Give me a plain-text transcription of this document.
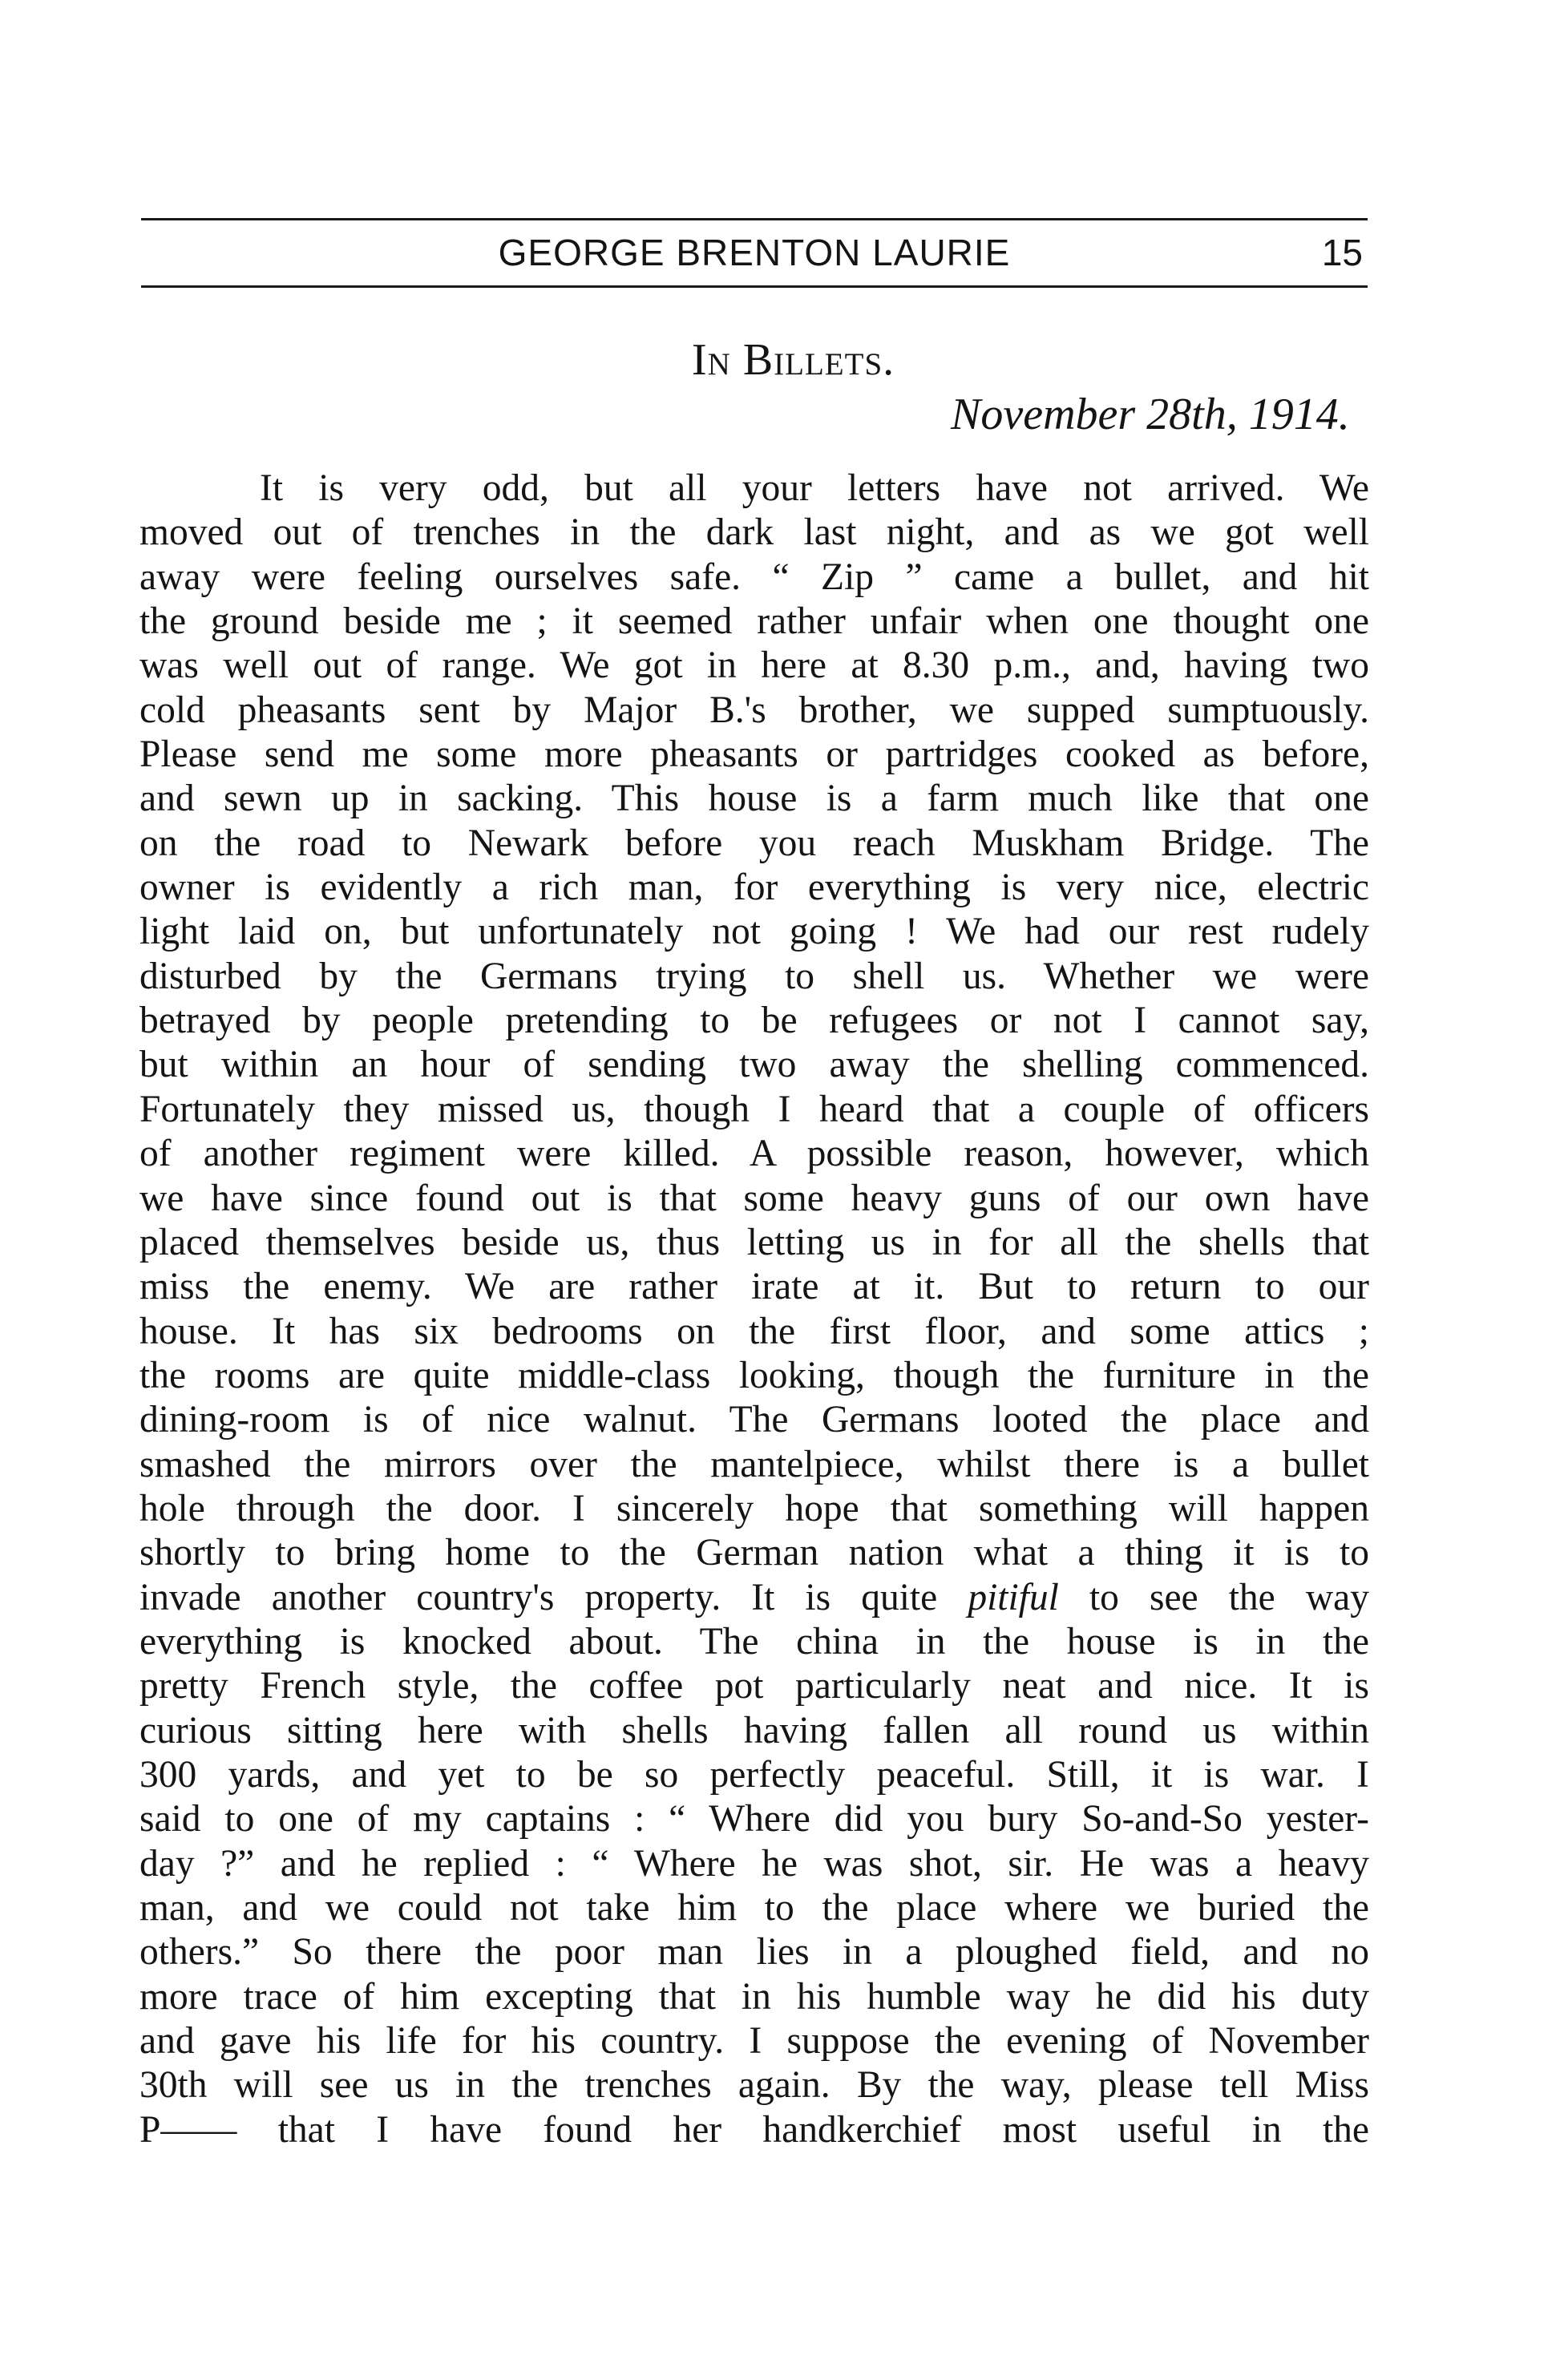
GEORGE BRENTON LAURIE	15
In Billets.
November 28th, 1914.
It is very odd, but all your letters have not arrived. We
moved out of trenches in the dark last night, and as we got well
away were feeling ourselves safe. “ Zip ” came a bullet, and hit
the ground beside me ; it seemed rather unfair when one thought one
was well out of range. We got in here at 8.30 p.m., and, having two
cold pheasants sent by Major B.'s brother, we supped sumptuously.
Please send me some more pheasants or partridges cooked as before,
and sewn up in sacking. This house is a farm much like that one
on the road to Newark before you reach Muskham Bridge. The
owner is evidently a rich man, for everything is very nice, electric
light laid on, but unfortunately not going ! We had our rest rudely
disturbed by the Germans trying to shell us. Whether we were
betrayed by people pretending to be refugees or not I cannot say,
but within an hour of sending two away the shelling commenced.
Fortunately they missed us, though I heard that a couple of officers
of another regiment were killed. A possible reason, however, which
we have since found out is that some heavy guns of our own have
placed themselves beside us, thus letting us in for all the shells that
miss the enemy. We are rather irate at it. But to return to our
house. It has six bedrooms on the first floor, and some attics ;
the rooms are quite middle-class looking, though the furniture in the
dining-room is of nice walnut. The Germans looted the place and
smashed the mirrors over the mantelpiece, whilst there is a bullet
hole through the door. I sincerely hope that something will happen
shortly to bring home to the German nation what a thing it is to
invade another country's property. It is quite pitiful to see the way
everything is knocked about. The china in the house is in the
pretty French style, the coffee pot particularly neat and nice. It is
curious sitting here with shells having fallen all round us within
300 yards, and yet to be so perfectly peaceful. Still, it is war. I
said to one of my captains : “ Where did you bury So-and-So yester-
day ?” and he replied : “ Where he was shot, sir. He was a heavy
man, and we could not take him to the place where we buried the
others.” So there the poor man lies in a ploughed field, and no
more trace of him excepting that in his humble way he did his duty
and gave his life for his country. I suppose the evening of November
30th will see us in the trenches again. By the way, please tell Miss
P—— that I have found her handkerchief most useful in the
